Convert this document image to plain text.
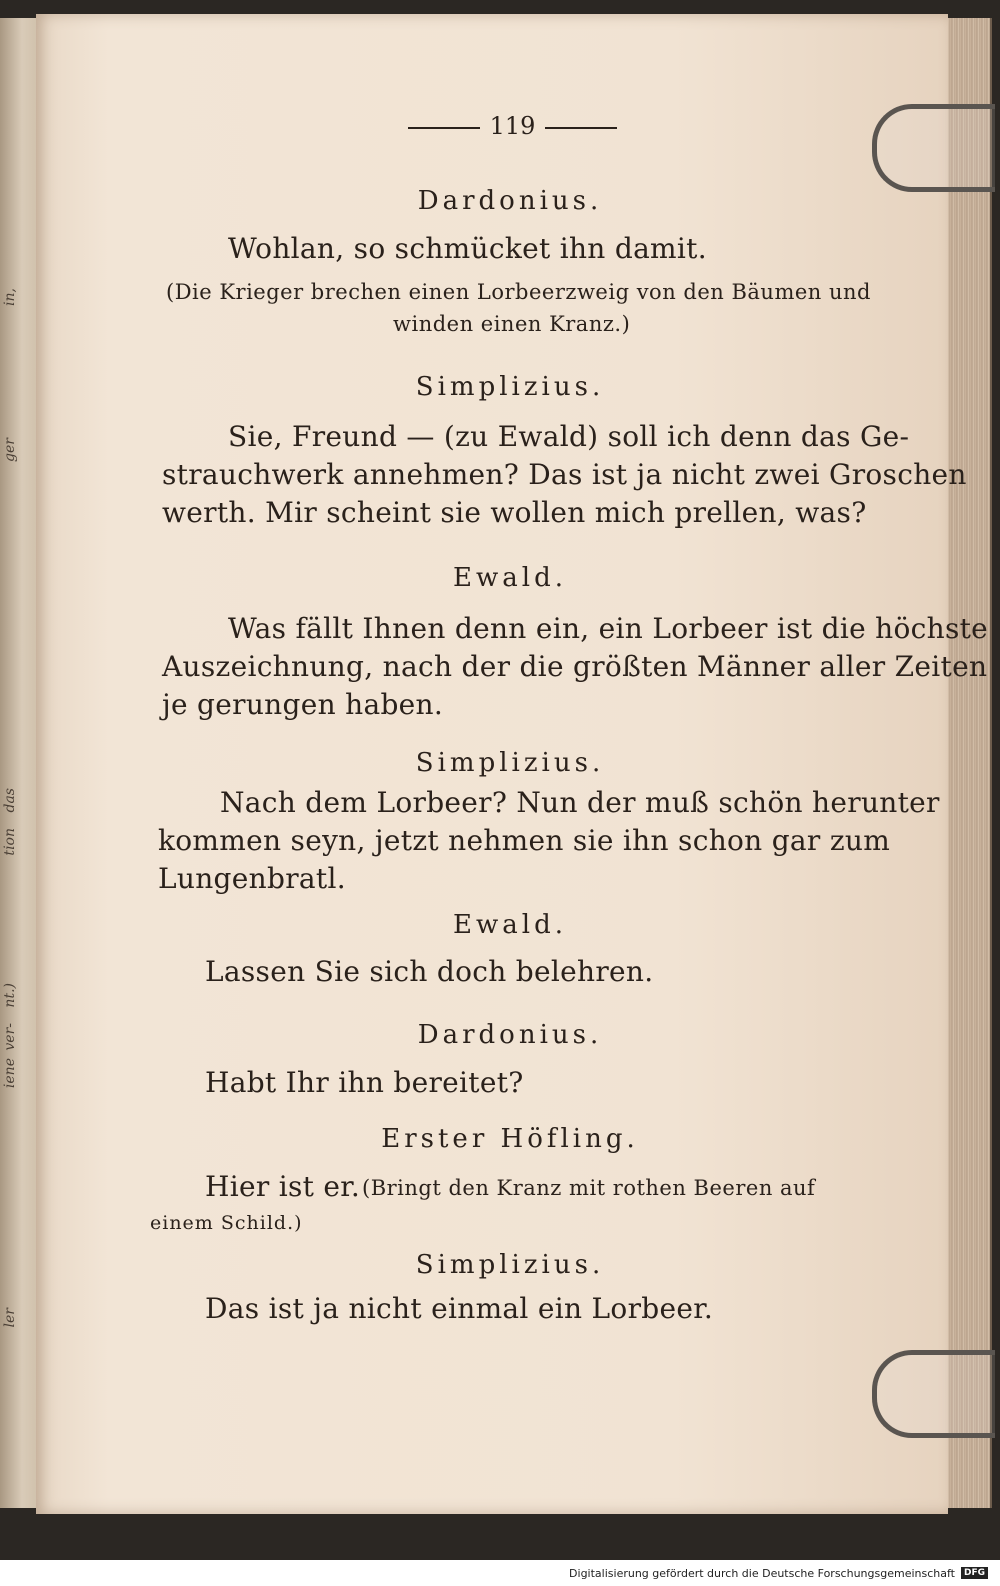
in,
ger
das
tion
nt.)
ver-
iene
ler
119
Dardonius.
Wohlan, so schmücket ihn damit.
(Die Krieger brechen einen Lorbeerzweig von den Bäumen und
winden einen Kranz.)
Simplizius.
Sie, Freund — (zu Ewald) soll ich denn das Ge-
strauchwerk annehmen? Das ist ja nicht zwei Groschen
werth. Mir scheint sie wollen mich prellen, was?
Ewald.
Was fällt Ihnen denn ein, ein Lorbeer ist die höchste
Auszeichnung, nach der die größten Männer aller Zeiten
je gerungen haben.
Simplizius.
Nach dem Lorbeer? Nun der muß schön herunter
kommen seyn, jetzt nehmen sie ihn schon gar zum
Lungenbratl.
Ewald.
Lassen Sie sich doch belehren.
Dardonius.
Habt Ihr ihn bereitet?
Erster Höfling.
Hier ist er. (Bringt den Kranz mit rothen Beeren auf
einem Schild.)
Simplizius.
Das ist ja nicht einmal ein Lorbeer.
Digitalisierung gefördert durch die Deutsche Forschungsgemeinschaft	DFG
